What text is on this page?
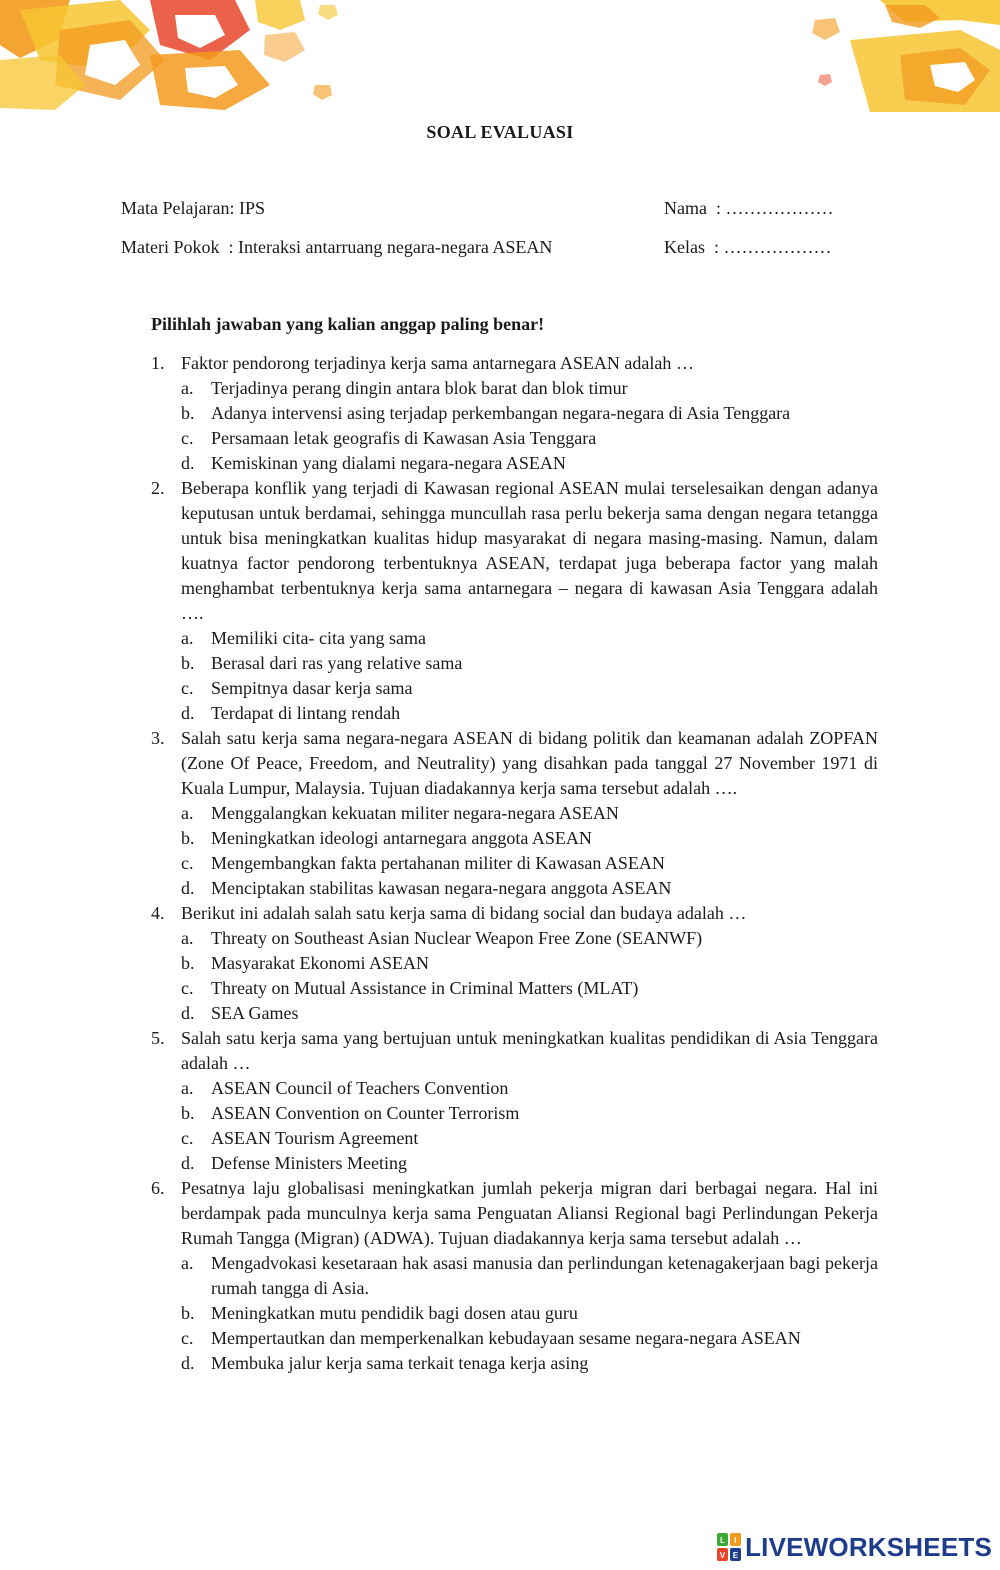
SOAL EVALUASI
Mata Pelajaran: IPS
Materi Pokok  : Interaksi antarruang negara-negara ASEAN
Nama  : ………………
Kelas  : ………………
Pilihlah jawaban yang kalian anggap paling benar!
1. Faktor pendorong terjadinya kerja sama antarnegara ASEAN adalah …
a. Terjadinya perang dingin antara blok barat dan blok timur
b. Adanya intervensi asing terjadap perkembangan negara-negara di Asia Tenggara
c. Persamaan letak geografis di Kawasan Asia Tenggara
d. Kemiskinan yang dialami negara-negara ASEAN
2. Beberapa konflik yang terjadi di Kawasan regional ASEAN mulai terselesaikan dengan adanya keputusan untuk berdamai, sehingga muncullah rasa perlu bekerja sama dengan negara tetangga untuk bisa meningkatkan kualitas hidup masyarakat di negara masing-masing. Namun, dalam kuatnya factor pendorong terbentuknya ASEAN, terdapat juga beberapa factor yang malah menghambat terbentuknya kerja sama antarnegara – negara di kawasan Asia Tenggara adalah ….
a. Memiliki cita- cita yang sama
b. Berasal dari ras yang relative sama
c. Sempitnya dasar kerja sama
d. Terdapat di lintang rendah
3. Salah satu kerja sama negara-negara ASEAN di bidang politik dan keamanan adalah ZOPFAN (Zone Of Peace, Freedom, and Neutrality) yang disahkan pada tanggal 27 November 1971 di Kuala Lumpur, Malaysia. Tujuan diadakannya kerja sama tersebut adalah ….
a. Menggalangkan kekuatan militer negara-negara ASEAN
b. Meningkatkan ideologi antarnegara anggota ASEAN
c. Mengembangkan fakta pertahanan militer di Kawasan ASEAN
d. Menciptakan stabilitas kawasan negara-negara anggota ASEAN
4. Berikut ini adalah salah satu kerja sama di bidang social dan budaya adalah …
a. Threaty on Southeast Asian Nuclear Weapon Free Zone (SEANWF)
b. Masyarakat Ekonomi ASEAN
c. Threaty on Mutual Assistance in Criminal Matters (MLAT)
d. SEA Games
5. Salah satu kerja sama yang bertujuan untuk meningkatkan kualitas pendidikan di Asia Tenggara adalah …
a. ASEAN Council of Teachers Convention
b. ASEAN Convention on Counter Terrorism
c. ASEAN Tourism Agreement
d. Defense Ministers Meeting
6. Pesatnya laju globalisasi meningkatkan jumlah pekerja migran dari berbagai negara. Hal ini berdampak pada munculnya kerja sama Penguatan Aliansi Regional bagi Perlindungan Pekerja Rumah Tangga (Migran) (ADWA). Tujuan diadakannya kerja sama tersebut adalah …
a. Mengadvokasi kesetaraan hak asasi manusia dan perlindungan ketenagakerjaan bagi pekerja rumah tangga di Asia.
b. Meningkatkan mutu pendidik bagi dosen atau guru
c. Mempertautkan dan memperkenalkan kebudayaan sesame negara-negara ASEAN
d. Membuka jalur kerja sama terkait tenaga kerja asing
L I
V E LIVEWORKSHEETS
